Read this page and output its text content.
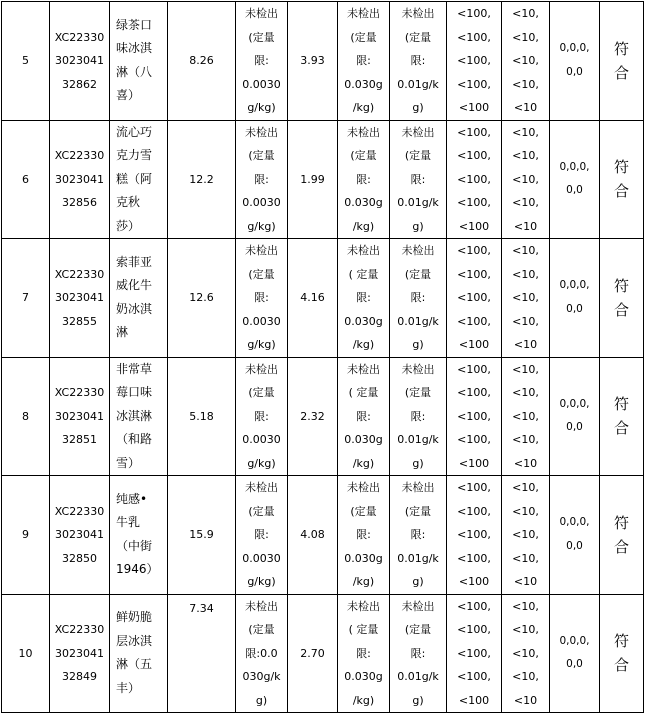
5	XC22330
3023041
32862	绿茶口
味冰淇
淋（八
喜）	8.26	未检出
(定量
限:
0.0030
g/kg)	3.93	未检出
(定量
限:
0.030g
/kg)	未检出
(定量
限:
0.01g/k
g)	<100,
<100,
<100,
<100,
<100	<10,
<10,
<10,
<10,
<10	0,0,0,
0,0	符
合

6	XC22330
3023041
32856	流心巧
克力雪
糕（阿
克秋
莎）	12.2	未检出
(定量
限:
0.0030
g/kg)	1.99	未检出
(定量
限:
0.030g
/kg)	未检出
(定量
限:
0.01g/k
g)	<100,
<100,
<100,
<100,
<100	<10,
<10,
<10,
<10,
<10	0,0,0,
0,0	符
合

7	XC22330
3023041
32855	索菲亚
威化牛
奶冰淇
淋	12.6	未检出
(定量
限:
0.0030
g/kg)	4.16	未检出
( 定量
限:
0.030g
/kg)	未检出
(定量
限:
0.01g/k
g)	<100,
<100,
<100,
<100,
<100	<10,
<10,
<10,
<10,
<10	0,0,0,
0,0	符
合

8	XC22330
3023041
32851	非常草
莓口味
冰淇淋
（和路
雪）	5.18	未检出
(定量
限:
0.0030
g/kg)	2.32	未检出
( 定量
限:
0.030g
/kg)	未检出
(定量
限:
0.01g/k
g)	<100,
<100,
<100,
<100,
<100	<10,
<10,
<10,
<10,
<10	0,0,0,
0,0	符
合

9	XC22330
3023041
32850	纯感•
牛乳
（中街
1946）	15.9	未检出
(定量
限:
0.0030
g/kg)	4.08	未检出
(定量
限:
0.030g
/kg)	未检出
(定量
限:
0.01g/k
g)	<100,
<100,
<100,
<100,
<100	<10,
<10,
<10,
<10,
<10	0,0,0,
0,0	符
合

10	XC22330
3023041
32849	鲜奶脆
层冰淇
淋（五
丰）	7.34	未检出
(定量
限:0.0
030g/k
g)	2.70	未检出
( 定量
限:
0.030g
/kg)	未检出
(定量
限:
0.01g/k
g)	<100,
<100,
<100,
<100,
<100	<10,
<10,
<10,
<10,
<10	0,0,0,
0,0	符
合
